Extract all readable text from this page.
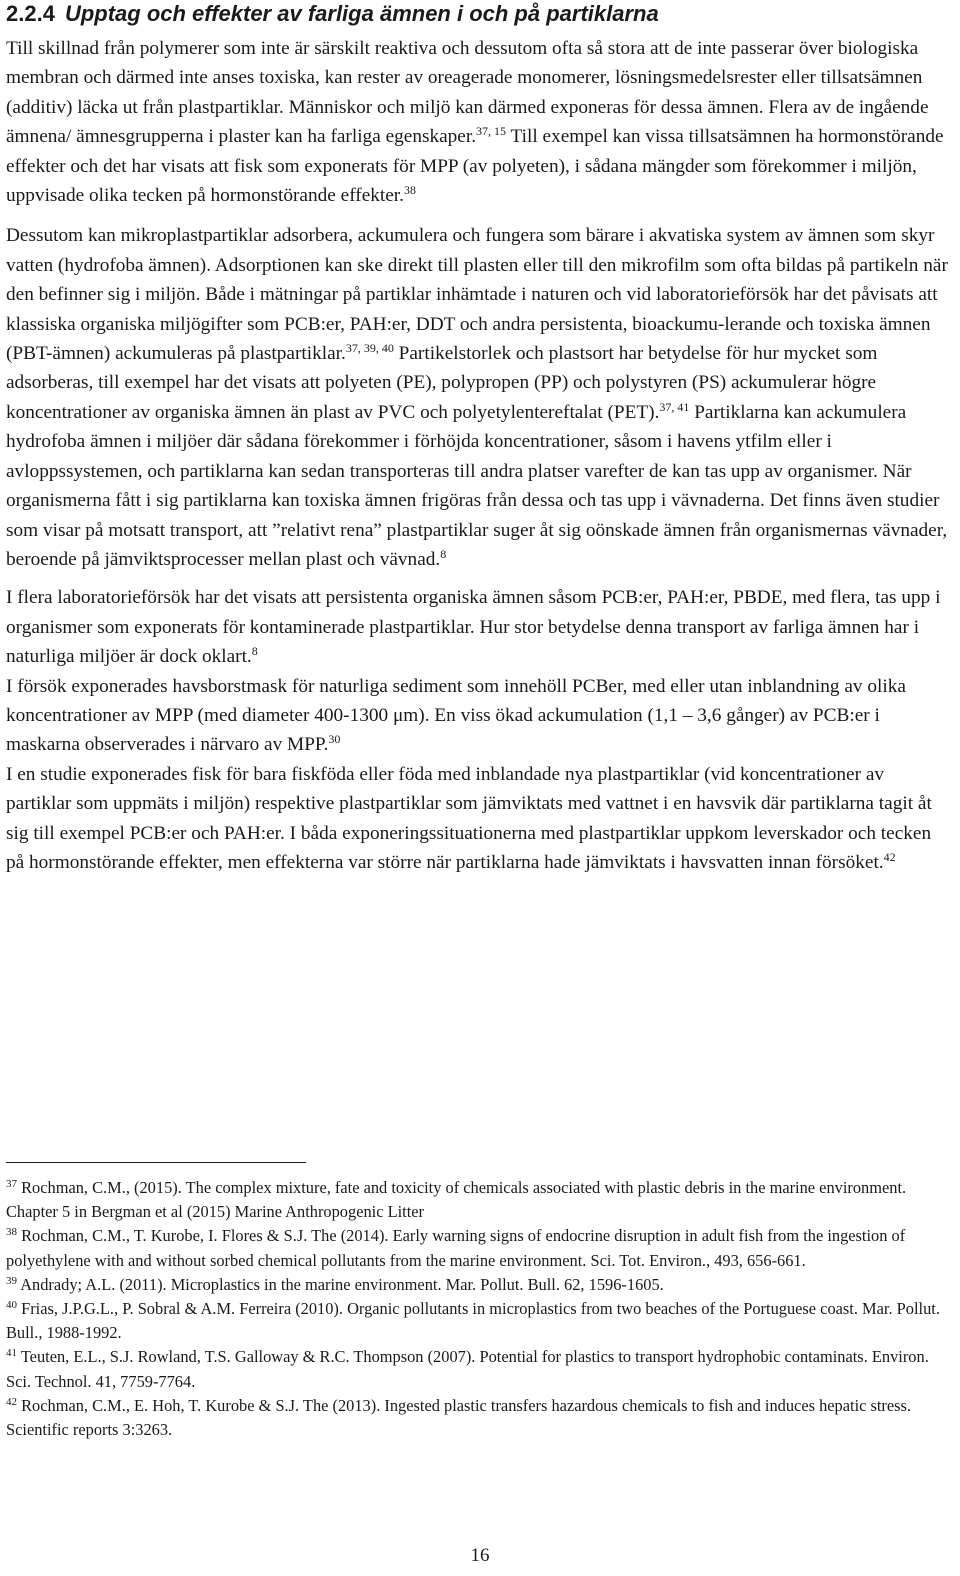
2.2.4 Upptag och effekter av farliga ämnen i och på partiklarna

Till skillnad från polymerer som inte är särskilt reaktiva och dessutom ofta så stora att de inte passerar över biologiska membran och därmed inte anses toxiska, kan rester av oreagerade monomerer, lösningsmedelsrester eller tillsatsämnen (additiv) läcka ut från plastpartiklar. Människor och miljö kan därmed exponeras för dessa ämnen. Flera av de ingående ämnena/ ämnesgrupperna i plaster kan ha farliga egenskaper.$^{37, 15}$ Till exempel kan vissa tillsatsämnen ha hormonstörande effekter och det har visats att fisk som exponerats för MPP (av polyeten), i sådana mängder som förekommer i miljön, uppvisade olika tecken på hormonstörande effekter.$^{38}$

Dessutom kan mikroplastpartiklar adsorbera, ackumulera och fungera som bärare i akvatiska system av ämnen som skyr vatten (hydrofoba ämnen). Adsorptionen kan ske direkt till plasten eller till den mikrofilm som ofta bildas på partikeln när den befinner sig i miljön. Både i mätningar på partiklar inhämtade i naturen och vid laboratorieförsök har det påvisats att klassiska organiska miljögifter som PCB:er, PAH:er, DDT och andra persistenta, bioackumu-lerande och toxiska ämnen (PBT-ämnen) ackumuleras på plastpartiklar.$^{37, 39, 40}$ Partikelstorlek och plastsort har betydelse för hur mycket som adsorberas, till exempel har det visats att polyeten (PE), polypropen (PP) och polystyren (PS) ackumulerar högre koncentrationer av organiska ämnen än plast av PVC och polyetylentereftalat (PET).$^{37, 41}$ Partiklarna kan ackumulera hydrofoba ämnen i miljöer där sådana förekommer i förhöjda koncentrationer, såsom i havens ytfilm eller i avloppssystemen, och partiklarna kan sedan transporteras till andra platser varefter de kan tas upp av organismer. När organismerna fått i sig partiklarna kan toxiska ämnen frigöras från dessa och tas upp i vävnaderna. Det finns även studier som visar på motsatt transport, att ”relativt rena” plastpartiklar suger åt sig oönskade ämnen från organismernas vävnader, beroende på jämviktsprocesser mellan plast och vävnad.$^8$

I flera laboratorieförsök har det visats att persistenta organiska ämnen såsom PCB:er, PAH:er, PBDE, med flera, tas upp i organismer som exponerats för kontaminerade plastpartiklar. Hur stor betydelse denna transport av farliga ämnen har i naturliga miljöer är dock oklart.$^8$

I försök exponerades havsborstmask för naturliga sediment som innehöll PCBer, med eller utan inblandning av olika koncentrationer av MPP (med diameter 400-1300 μm). En viss ökad ackumulation (1,1 – 3,6 gånger) av PCB:er i maskarna observerades i närvaro av MPP.$^{30}$

I en studie exponerades fisk för bara fiskföda eller föda med inblandade nya plastpartiklar (vid koncentrationer av partiklar som uppmäts i miljön) respektive plastpartiklar som jämviktats med vattnet i en havsvik där partiklarna tagit åt sig till exempel PCB:er och PAH:er. I båda exponeringssituationerna med plastpartiklar uppkom leverskador och tecken på hormonstörande effekter, men effekterna var större när partiklarna hade jämviktats i havsvatten innan försöket.$^{42}$

$^{37}$ Rochman, C.M., (2015). The complex mixture, fate and toxicity of chemicals associated with plastic debris in the marine environment. Chapter 5 in Bergman et al (2015) Marine Anthropogenic Litter

$^{38}$ Rochman, C.M., T. Kurobe, I. Flores & S.J. The (2014). Early warning signs of endocrine disruption in adult fish from the ingestion of polyethylene with and without sorbed chemical pollutants from the marine environment. Sci. Tot. Environ., 493, 656-661.

$^{39}$ Andrady; A.L. (2011). Microplastics in the marine environment. Mar. Pollut. Bull. 62, 1596-1605.

$^{40}$ Frias, J.P.G.L., P. Sobral & A.M. Ferreira (2010). Organic pollutants in microplastics from two beaches of the Portuguese coast. Mar. Pollut. Bull., 1988-1992.

$^{41}$ Teuten, E.L., S.J. Rowland, T.S. Galloway & R.C. Thompson (2007). Potential for plastics to transport hydrophobic contaminats. Environ. Sci. Technol. 41, 7759-7764.

$^{42}$ Rochman, C.M., E. Hoh, T. Kurobe & S.J. The (2013). Ingested plastic transfers hazardous chemicals to fish and induces hepatic stress. Scientific reports 3:3263.

16
